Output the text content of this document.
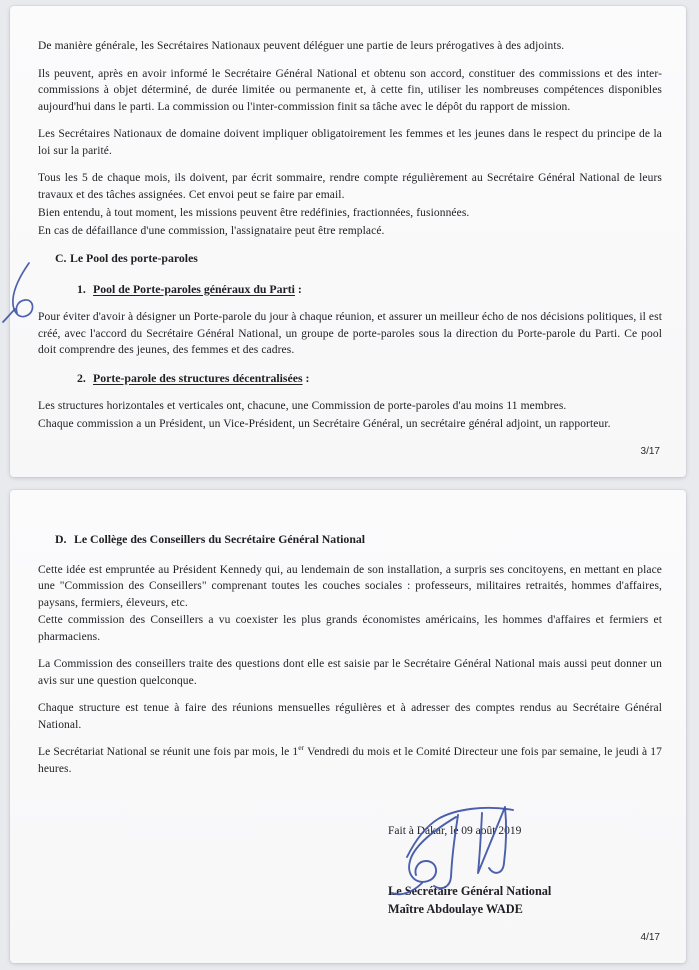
De manière générale, les Secrétaires Nationaux peuvent déléguer une partie de leurs prérogatives à des adjoints.

Ils peuvent, après en avoir informé le Secrétaire Général National et obtenu son accord, constituer des commissions et des inter-commissions à objet déterminé, de durée limitée ou permanente et, à cette fin, utiliser les nombreuses compétences disponibles aujourd'hui dans le parti. La commission ou l'inter-commission finit sa tâche avec le dépôt du rapport de mission.

Les Secrétaires Nationaux de domaine doivent impliquer obligatoirement les femmes et les jeunes dans le respect du principe de la loi sur la parité.

Tous les 5 de chaque mois, ils doivent, par écrit sommaire, rendre compte régulièrement au Secrétaire Général National de leurs travaux et des tâches assignées. Cet envoi peut se faire par email.

Bien entendu, à tout moment, les missions peuvent être redéfinies, fractionnées, fusionnées.

En cas de défaillance d'une commission, l'assignataire peut être remplacé.

C. Le Pool des porte-paroles
1. Pool de Porte-paroles généraux du Parti :

Pour éviter d'avoir à désigner un Porte-parole du jour à chaque réunion, et assurer un meilleur écho de nos décisions politiques, il est créé, avec l'accord du Secrétaire Général National, un groupe de porte-paroles sous la direction du Porte-parole du Parti. Ce pool doit comprendre des jeunes, des femmes et des cadres.

2. Porte-parole des structures décentralisées :

Les structures horizontales et verticales ont, chacune, une Commission de porte-paroles d'au moins 11 membres.

Chaque commission a un Président, un Vice-Président, un Secrétaire Général, un secrétaire général adjoint, un rapporteur.

3/17
D. Le Collège des Conseillers du Secrétaire Général National

Cette idée est empruntée au Président Kennedy qui, au lendemain de son installation, a surpris ses concitoyens, en mettant en place une "Commission des Conseillers" comprenant toutes les couches sociales : professeurs, militaires retraités, hommes d'affaires, paysans, fermiers, éleveurs, etc.

Cette commission des Conseillers a vu coexister les plus grands économistes américains, les hommes d'affaires et fermiers et pharmaciens.

La Commission des conseillers traite des questions dont elle est saisie par le Secrétaire Général National mais aussi peut donner un avis sur une question quelconque.

Chaque structure est tenue à faire des réunions mensuelles régulières et à adresser des comptes rendus au Secrétaire Général National.

Le Secrétariat National se réunit une fois par mois, le 1er Vendredi du mois et le Comité Directeur une fois par semaine, le jeudi à 17 heures.

Fait à Dakar, le 09 août 2019

Le Secrétaire Général National
Maître Abdoulaye WADE
4/17
